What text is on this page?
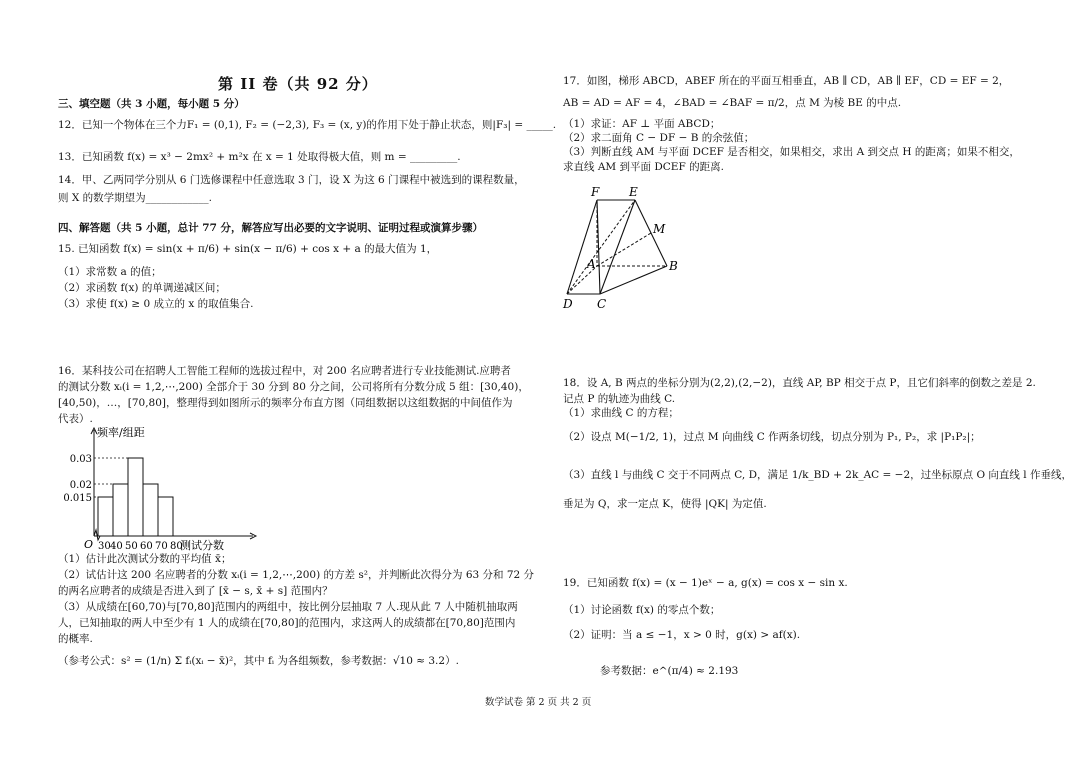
第 II 卷（共 92 分）
三、填空题（共 3 小题，每小题 5 分）
12．已知一个物体在三个力F₁ = (0,1), F₂ = (−2,3), F₃ = (x, y)的作用下处于静止状态，则|F₃| = _____.
13．已知函数 f(x) = x³ − 2mx² + m²x 在 x = 1 处取得极大值，则 m = _________.
14．甲、乙两同学分别从 6 门选修课程中任意选取 3 门，设 X 为这 6 门课程中被选到的课程数量，
则 X 的数学期望为____________.
四、解答题（共 5 小题，总计 77 分，解答应写出必要的文字说明、证明过程或演算步骤）
15. 已知函数 f(x) = sin(x + π/6) + sin(x − π/6) + cos x + a 的最大值为 1，
（1）求常数 a 的值；
（2）求函数 f(x) 的单调递减区间；
（3）求使 f(x) ≥ 0 成立的 x 的取值集合.
16．某科技公司在招聘人工智能工程师的选拔过程中，对 200 名应聘者进行专业技能测试.应聘者
的测试分数 xᵢ(i = 1,2,⋯,200) 全部介于 30 分到 80 分之间，公司将所有分数分成 5 组：[30,40)，
[40,50)，…，[70,80]，整理得到如图所示的频率分布直方图（同组数据以这组数据的中间值作为
代表）.
0.015
0.02
0.03
30 40 50 60 70 80
O
频率/组距
测试分数
（1）估计此次测试分数的平均值 x̄；
（2）试估计这 200 名应聘者的分数 xᵢ(i = 1,2,⋯,200) 的方差 s²，并判断此次得分为 63 分和 72 分
的两名应聘者的成绩是否进入到了 [x̄ − s, x̄ + s] 范围内？
（3）从成绩在[60,70)与[70,80]范围内的两组中，按比例分层抽取 7 人.现从此 7 人中随机抽取两
人，已知抽取的两人中至少有 1 人的成绩在[70,80]的范围内，求这两人的成绩都在[70,80]范围内
的概率.
（参考公式：s² = (1/n) Σ fᵢ(xᵢ − x̄)²，其中 fᵢ 为各组频数，参考数据：√10 ≈ 3.2）.
17．如图，梯形 ABCD，ABEF 所在的平面互相垂直，AB ∥ CD，AB ∥ EF，CD = EF = 2，
AB = AD = AF = 4，∠BAD = ∠BAF = π/2，点 M 为棱 BE 的中点.
（1）求证：AF ⊥ 平面 ABCD；
（2）求二面角 C − DF − B 的余弦值；
（3）判断直线 AM 与平面 DCEF 是否相交，如果相交，求出 A 到交点 H 的距离；如果不相交，
求直线 AM 到平面 DCEF 的距离.
F E
M
A	B
D C
18．设 A, B 两点的坐标分别为(2,2),(2,−2)，直线 AP, BP 相交于点 P，且它们斜率的倒数之差是 2.
记点 P 的轨迹为曲线 C.
（1）求曲线 C 的方程；
（2）设点 M(−1/2, 1)，过点 M 向曲线 C 作两条切线，切点分别为 P₁, P₂，求 |P₁P₂|；
（3）直线 l 与曲线 C 交于不同两点 C, D，满足 1/k_BD + 2k_AC = −2，过坐标原点 O 向直线 l 作垂线，
垂足为 Q，求一定点 K，使得 |QK| 为定值.
19．已知函数 f(x) = (x − 1)eˣ − a, g(x) = cos x − sin x.
（1）讨论函数 f(x) 的零点个数；
（2）证明：当 a ≤ −1，x > 0 时，g(x) > af(x).
参考数据：e^(π/4) ≈ 2.193
数学试卷 第 2 页 共 2 页
